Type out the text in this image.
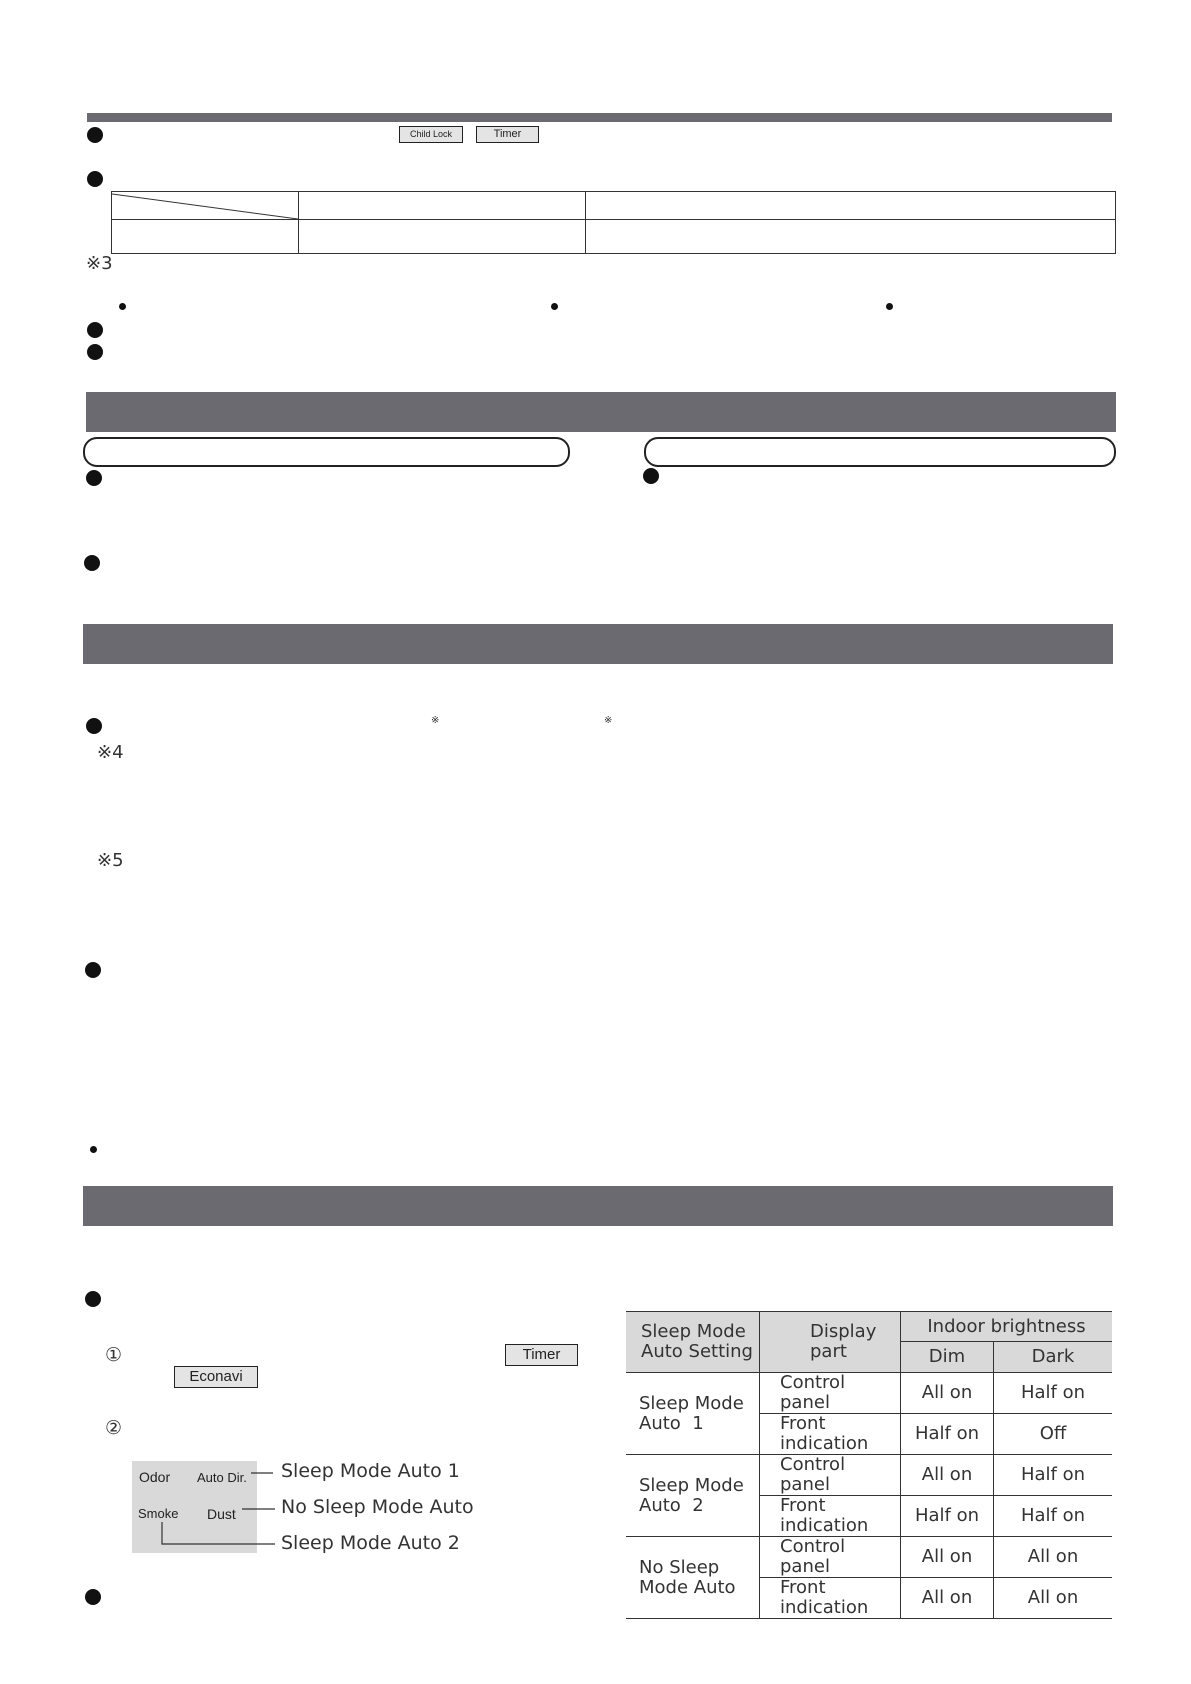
Child Lock	Timer

※3
※	※
※4
※5
①	Timer
Econavi
②
Odor Auto Dir.
Smoke Dust
Sleep Mode Auto 1
No Sleep Mode Auto
Sleep Mode Auto 2
Sleep Mode
Auto Setting	Display
part	Indoor brightness	
		Dim	Dark

Sleep Mode
Auto  1	Control panel	All on	Half on
	Front indication	Half on	Off

Sleep Mode
Auto  2	Control panel	All on	Half on
	Front indication	Half on	Half on

No Sleep
Mode Auto	Control panel	All on	All on
	Front indication	All on	All on
